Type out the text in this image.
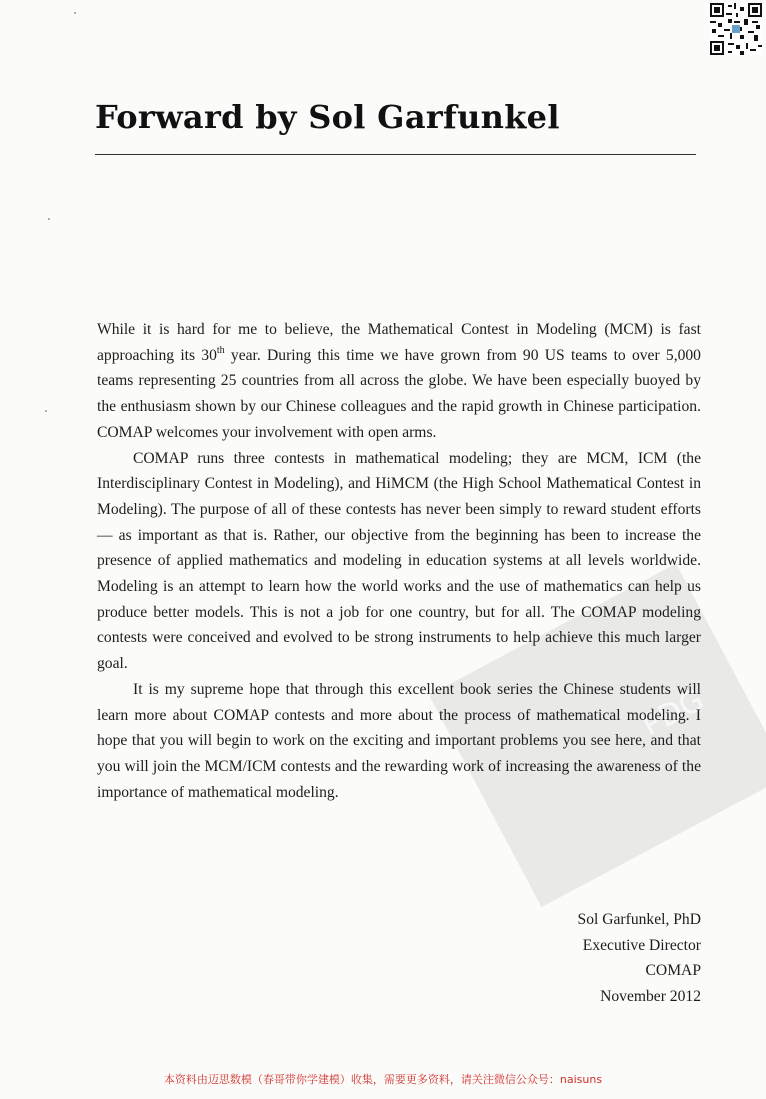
PDG
Forward by Sol Garfunkel

While it is hard for me to believe, the Mathematical Contest in Modeling (MCM) is fast approaching its 30th year. During this time we have grown from 90 US teams to over 5,000 teams representing 25 countries from all across the globe. We have been especially buoyed by the enthusiasm shown by our Chinese colleagues and the rapid growth in Chinese participation. COMAP welcomes your involvement with open arms.

COMAP runs three contests in mathematical modeling; they are MCM, ICM (the Interdisciplinary Contest in Modeling), and HiMCM (the High School Mathematical Contest in Modeling). The purpose of all of these contests has never been simply to reward student efforts — as important as that is. Rather, our objective from the beginning has been to increase the presence of applied mathematics and modeling in education systems at all levels worldwide. Modeling is an attempt to learn how the world works and the use of mathematics can help us produce better models. This is not a job for one country, but for all. The COMAP modeling contests were conceived and evolved to be strong instruments to help achieve this much larger goal.

It is my supreme hope that through this excellent book series the Chinese students will learn more about COMAP contests and more about the process of mathematical modeling. I hope that you will begin to work on the exciting and important problems you see here, and that you will join the MCM/ICM contests and the rewarding work of increasing the awareness of the importance of mathematical modeling.

Sol Garfunkel, PhD
Executive Director
COMAP
November 2012
本资料由迈思数模（春哥带你学建模）收集，需要更多资料，请关注微信公众号：naisuns
